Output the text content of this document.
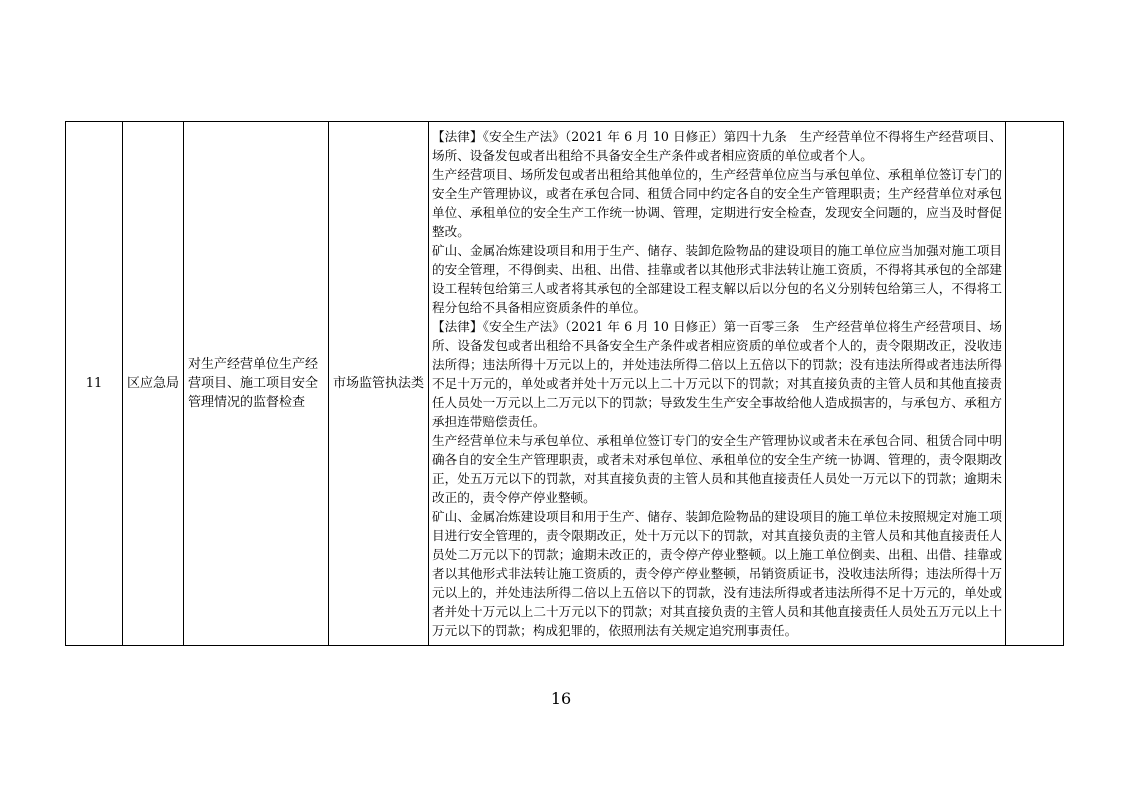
11	区应急局	对生产经营单位生产经营项目、施工项目安全管理情况的监督检查	市场监管执法类	

【法律】《安全生产法》（2021 年 6 月 10 日修正）第四十九条　生产经营单位不得将生产经营项目、场所、设备发包或者出租给不具备安全生产条件或者相应资质的单位或者个人。

生产经营项目、场所发包或者出租给其他单位的，生产经营单位应当与承包单位、承租单位签订专门的安全生产管理协议，或者在承包合同、租赁合同中约定各自的安全生产管理职责；生产经营单位对承包单位、承租单位的安全生产工作统一协调、管理，定期进行安全检查，发现安全问题的，应当及时督促整改。

矿山、金属冶炼建设项目和用于生产、储存、装卸危险物品的建设项目的施工单位应当加强对施工项目的安全管理，不得倒卖、出租、出借、挂靠或者以其他形式非法转让施工资质，不得将其承包的全部建设工程转包给第三人或者将其承包的全部建设工程支解以后以分包的名义分别转包给第三人，不得将工程分包给不具备相应资质条件的单位。

【法律】《安全生产法》（2021 年 6 月 10 日修正）第一百零三条　生产经营单位将生产经营项目、场所、设备发包或者出租给不具备安全生产条件或者相应资质的单位或者个人的，责令限期改正，没收违法所得；违法所得十万元以上的，并处违法所得二倍以上五倍以下的罚款；没有违法所得或者违法所得不足十万元的，单处或者并处十万元以上二十万元以下的罚款；对其直接负责的主管人员和其他直接责任人员处一万元以上二万元以下的罚款；导致发生生产安全事故给他人造成损害的，与承包方、承租方承担连带赔偿责任。

生产经营单位未与承包单位、承租单位签订专门的安全生产管理协议或者未在承包合同、租赁合同中明确各自的安全生产管理职责，或者未对承包单位、承租单位的安全生产统一协调、管理的，责令限期改正，处五万元以下的罚款，对其直接负责的主管人员和其他直接责任人员处一万元以下的罚款；逾期未改正的，责令停产停业整顿。

矿山、金属冶炼建设项目和用于生产、储存、装卸危险物品的建设项目的施工单位未按照规定对施工项目进行安全管理的，责令限期改正，处十万元以下的罚款，对其直接负责的主管人员和其他直接责任人员处二万元以下的罚款；逾期未改正的，责令停产停业整顿。以上施工单位倒卖、出租、出借、挂靠或者以其他形式非法转让施工资质的，责令停产停业整顿，吊销资质证书，没收违法所得；违法所得十万元以上的，并处违法所得二倍以上五倍以下的罚款，没有违法所得或者违法所得不足十万元的，单处或者并处十万元以上二十万元以下的罚款；对其直接负责的主管人员和其他直接责任人员处五万元以上十万元以下的罚款；构成犯罪的，依照刑法有关规定追究刑事责任。

16
